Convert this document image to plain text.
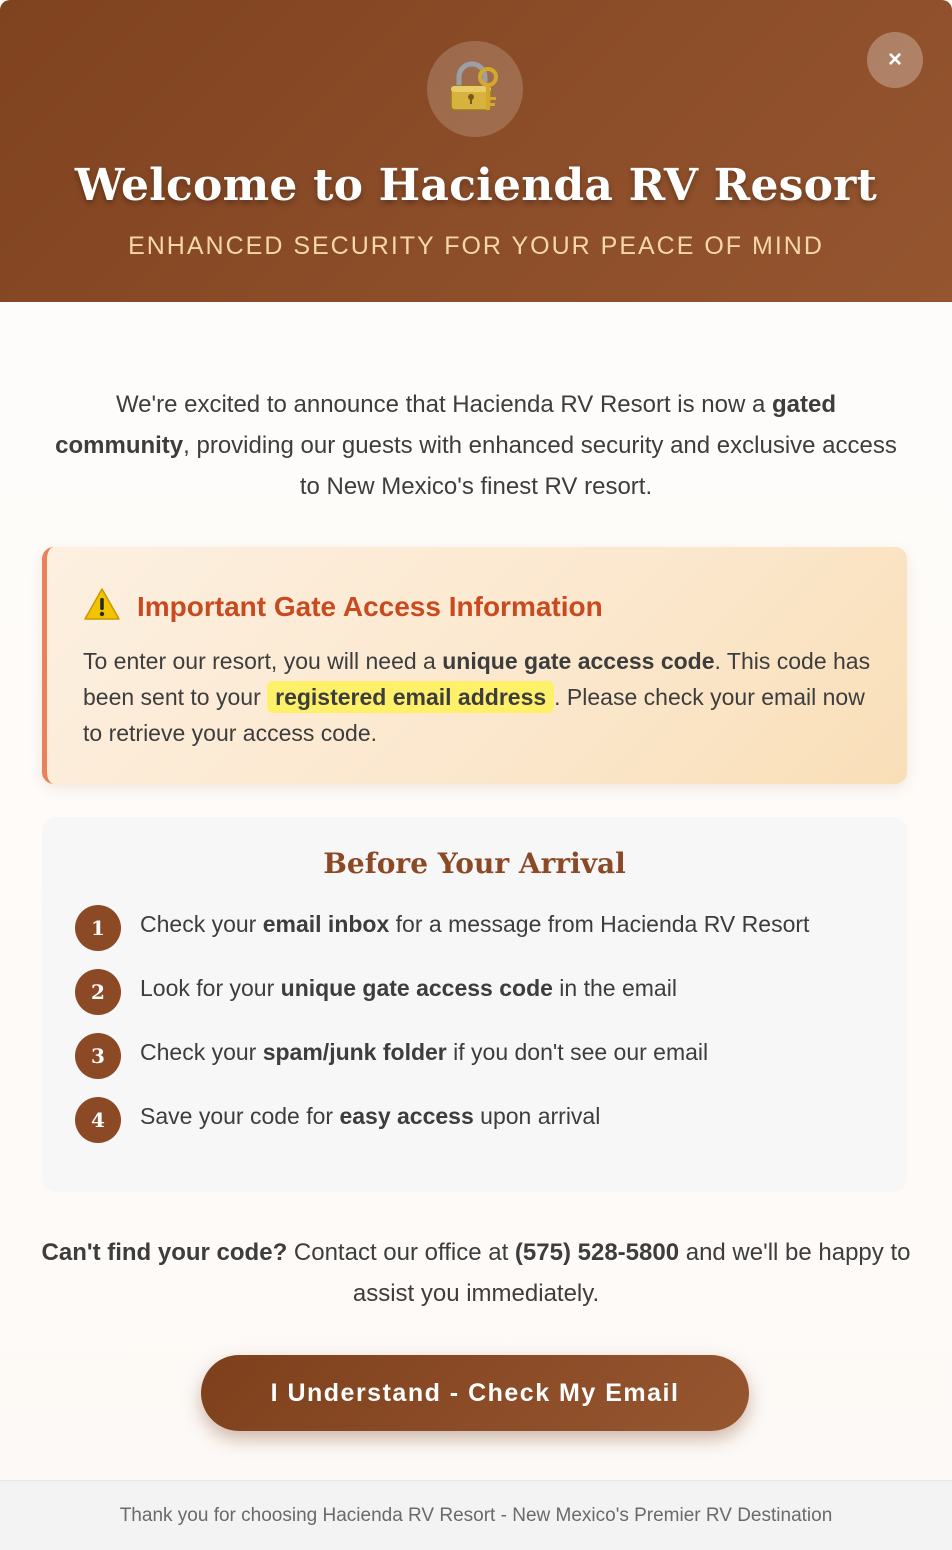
×
Welcome to Hacienda RV Resort
ENHANCED SECURITY FOR YOUR PEACE OF MIND
We're excited to announce that Hacienda RV Resort is now a gated community, providing our guests with enhanced security and exclusive access to New Mexico's finest RV resort.
Important Gate Access Information
To enter our resort, you will need a unique gate access code. This code has been sent to your registered email address . Please check your email now to retrieve your access code.
Before Your Arrival
1	Check your email inbox for a message from Hacienda RV Resort
2	Look for your unique gate access code in the email
3	Check your spam/junk folder if you don't see our email
4	Save your code for easy access upon arrival
Can't find your code? Contact our office at (575) 528-5800 and we'll be happy to assist you immediately.
I Understand - Check My Email
Thank you for choosing Hacienda RV Resort - New Mexico's Premier RV Destination
